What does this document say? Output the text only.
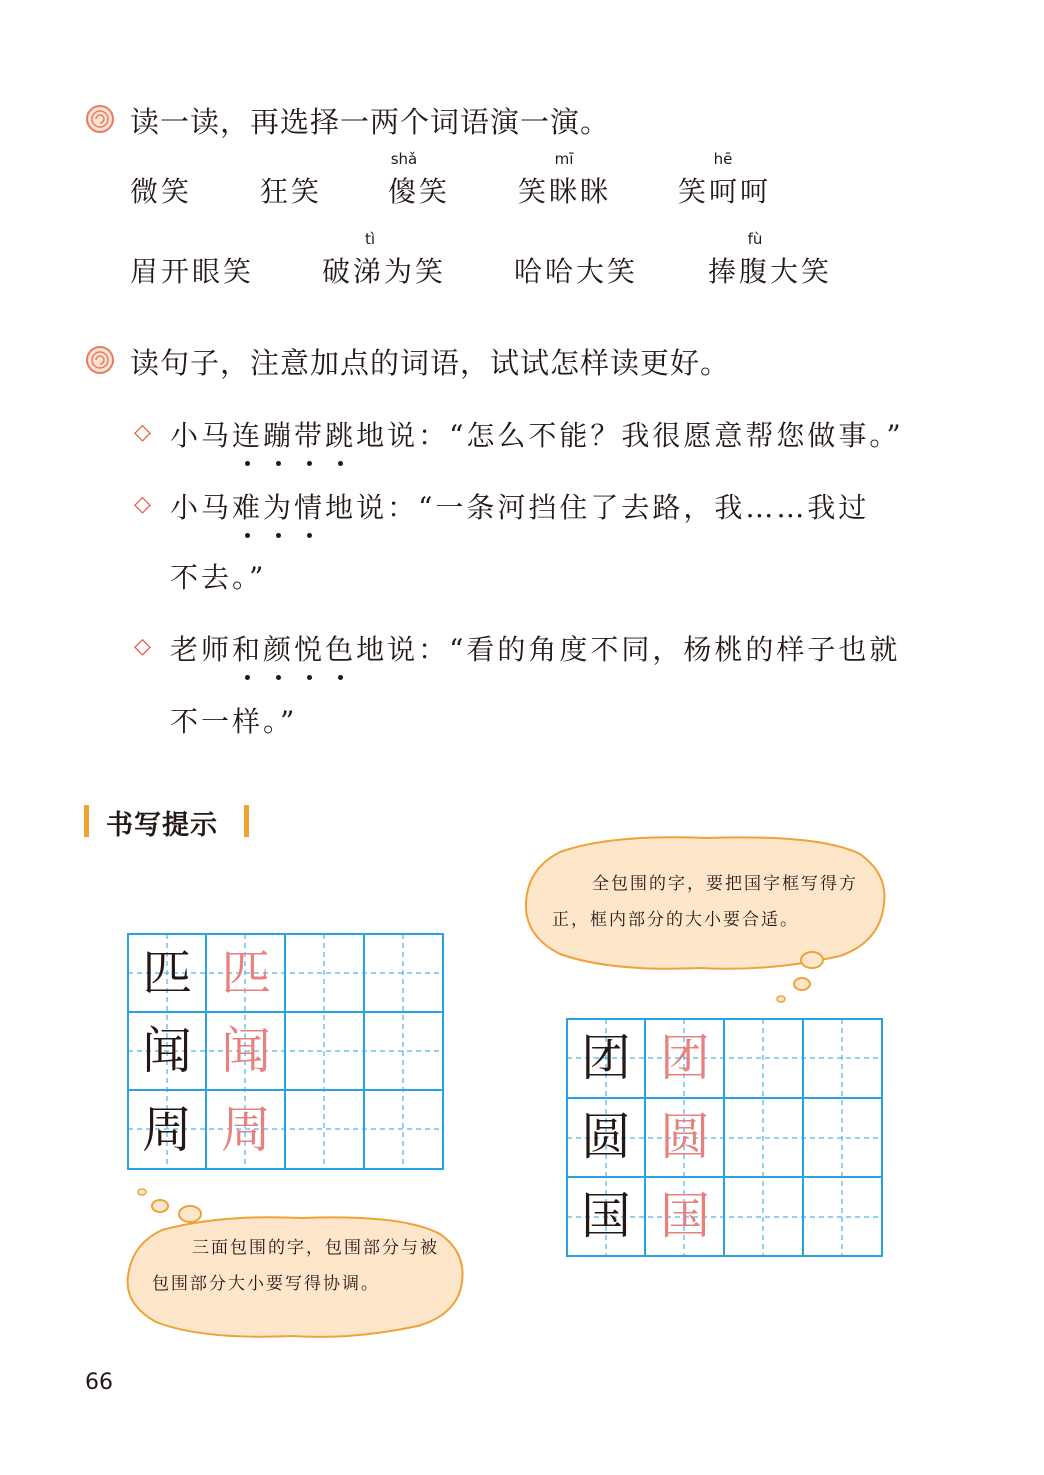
读一读，再选择一两个词语演一演。
shǎ	mī	hē
微笑 狂笑 傻笑 笑眯眯 笑呵呵
tì	fù
眉开眼笑 破涕为笑 哈哈大笑 捧腹大笑
读句子，注意加点的词语，试试怎样读更好。
◇ 小马连蹦带跳地说：“怎么不能？我很愿意帮您做事。”
◇ 小马难为情地说：“一条河挡住了去路，我……我过
不去。”
◇ 老师和颜悦色地说：“看的角度不同，杨桃的样子也就
不一样。”
书写提示
全包围的字，要把国字框写得方正，框内部分的大小要合适。
匹 匹
闻 闻
周 周
团 团
圆 圆
国 国
三面包围的字，包围部分与被包围部分大小要写得协调。
66
